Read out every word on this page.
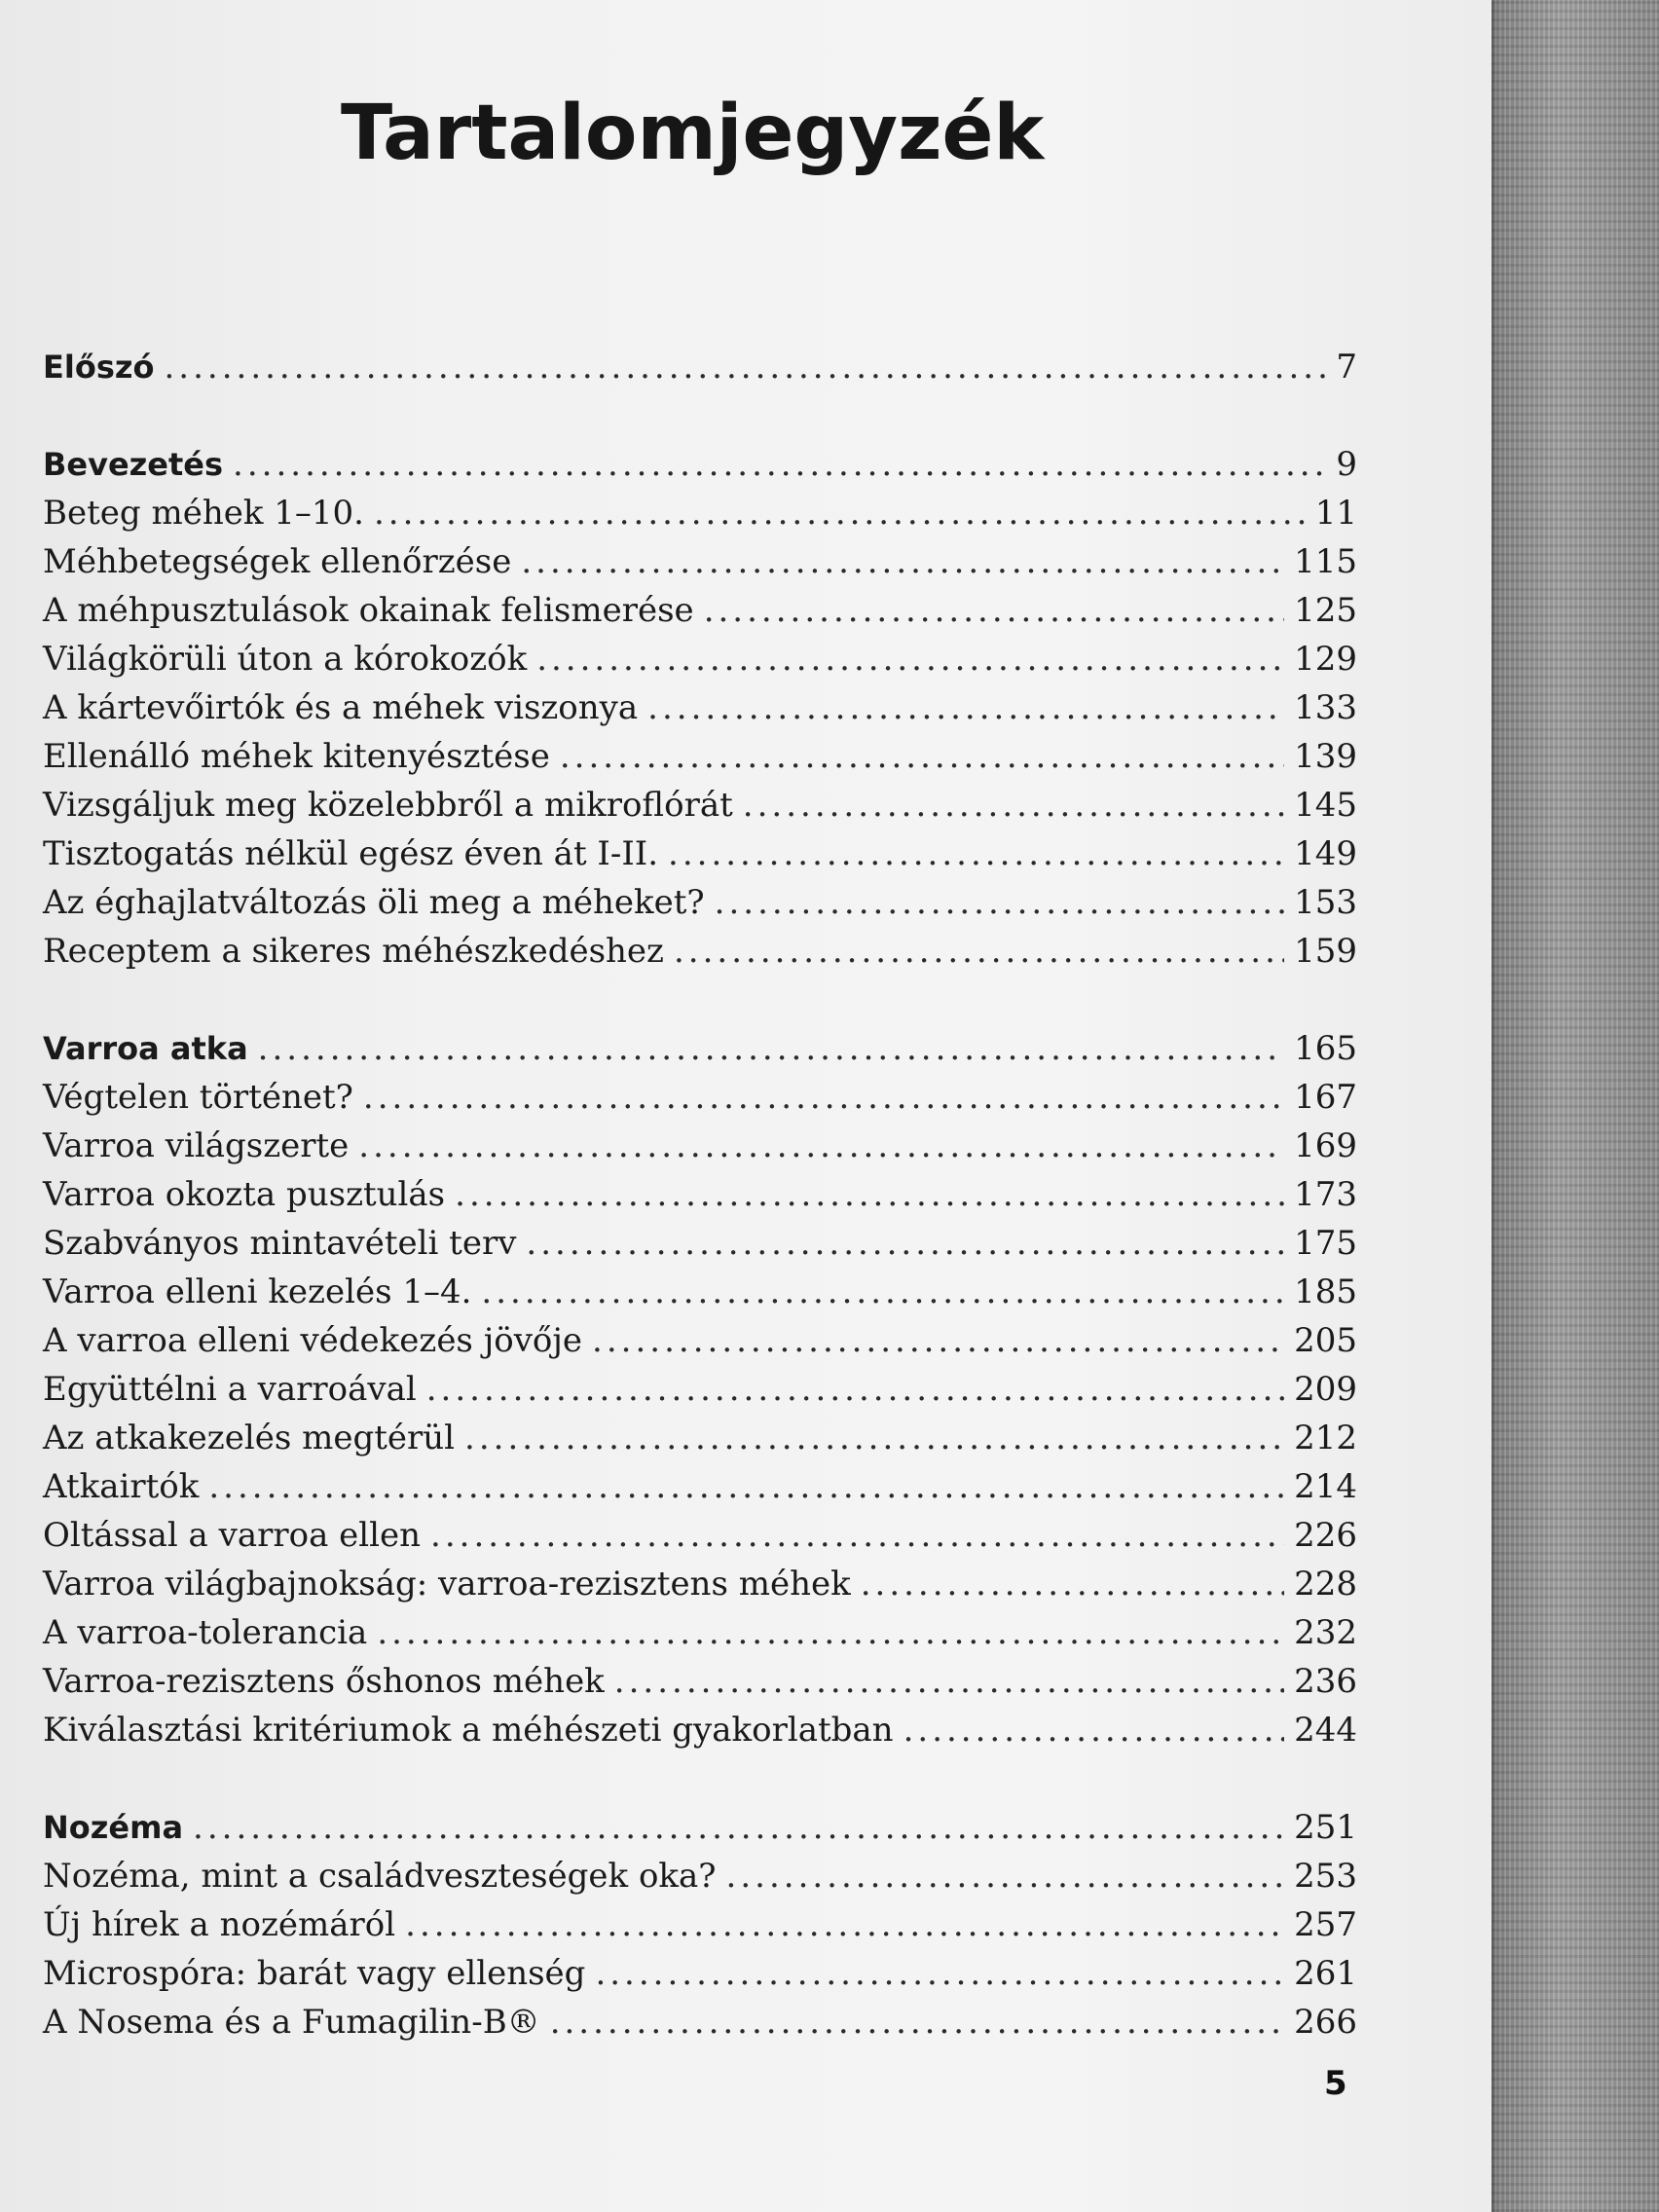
Tartalomjegyzék
Előszó .....	7
Bevezetés .....	9
Beteg méhek 1–10. .....	11
Méhbetegségek ellenőrzése .....	115
A méhpusztulások okainak felismerése .....	125
Világkörüli úton a kórokozók .....	129
A kártevőirtók és a méhek viszonya .....	133
Ellenálló méhek kitenyésztése .....	139
Vizsgáljuk meg közelebbről a mikroflórát .....	145
Tisztogatás nélkül egész éven át I-II. .....	149
Az éghajlatváltozás öli meg a méheket? .....	153
Receptem a sikeres méhészkedéshez .....	159
Varroa atka .....	165
Végtelen történet? .....	167
Varroa világszerte .....	169
Varroa okozta pusztulás .....	173
Szabványos mintavételi terv .....	175
Varroa elleni kezelés 1–4. .....	185
A varroa elleni védekezés jövője .....	205
Együttélni a varroával .....	209
Az atkakezelés megtérül .....	212
Atkairtók .....	214
Oltással a varroa ellen .....	226
Varroa világbajnokság: varroa-rezisztens méhek .....	228
A varroa-tolerancia .....	232
Varroa-rezisztens őshonos méhek .....	236
Kiválasztási kritériumok a méhészeti gyakorlatban .....	244
Nozéma .....	251
Nozéma, mint a családveszteségek oka? .....	253
Új hírek a nozémáról .....	257
Microspóra: barát vagy ellenség .....	261
A Nosema és a Fumagilin-B® .....	266
5
